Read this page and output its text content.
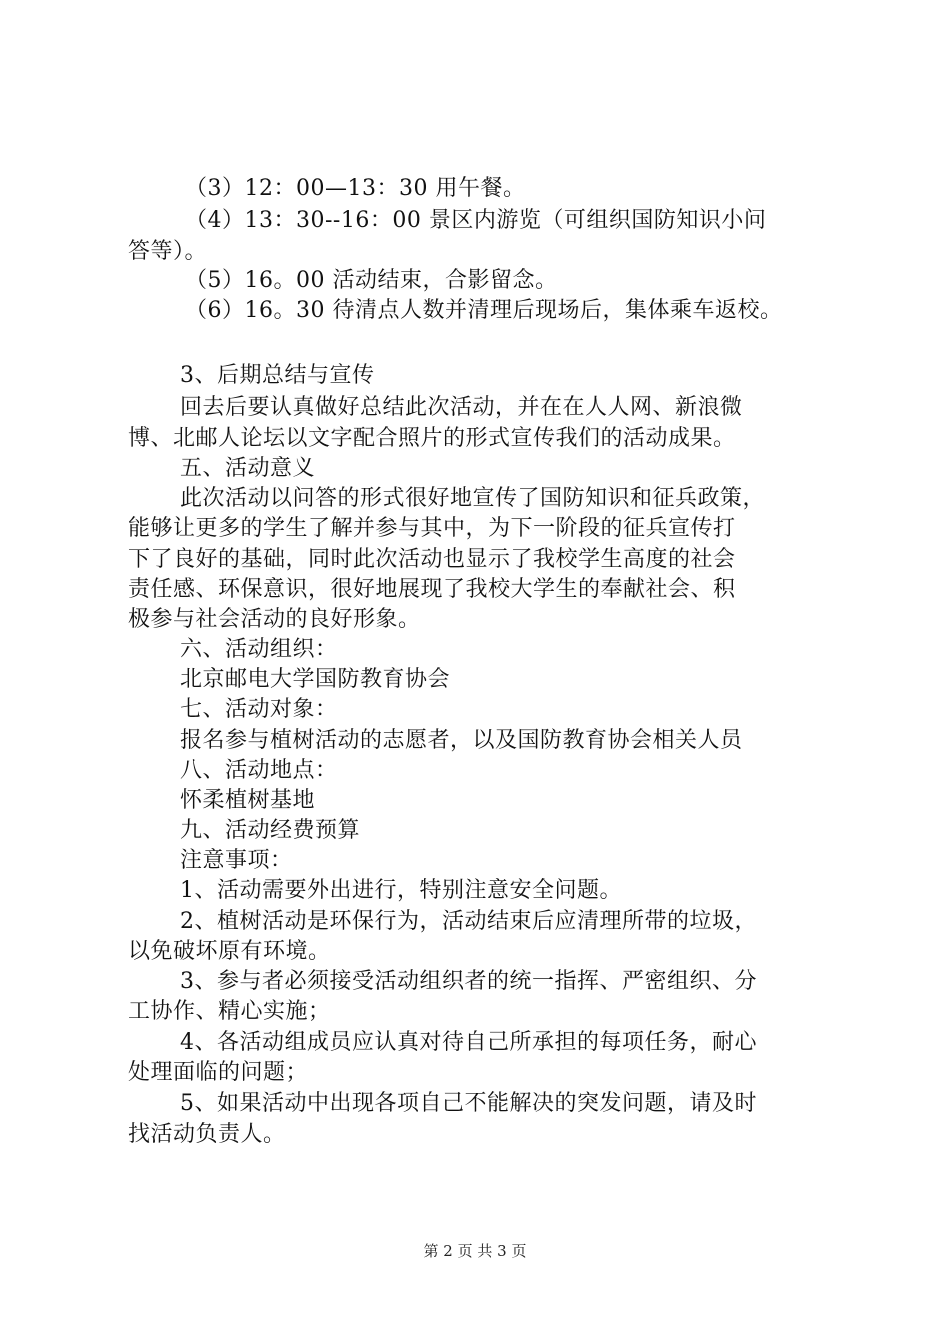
（3）12：00—13：30 用午餐。
（4）13：30--16：00 景区内游览（可组织国防知识小问
答等）。
（5）16。00 活动结束，合影留念。
（6）16。30 待清点人数并清理后现场后，集体乘车返校。
3、后期总结与宣传
回去后要认真做好总结此次活动，并在在人人网、新浪微
博、北邮人论坛以文字配合照片的形式宣传我们的活动成果。
五、活动意义
此次活动以问答的形式很好地宣传了国防知识和征兵政策，
能够让更多的学生了解并参与其中，为下一阶段的征兵宣传打
下了良好的基础，同时此次活动也显示了我校学生高度的社会
责任感、环保意识，很好地展现了我校大学生的奉献社会、积
极参与社会活动的良好形象。
六、活动组织：
北京邮电大学国防教育协会
七、活动对象：
报名参与植树活动的志愿者，以及国防教育协会相关人员
八、活动地点：
怀柔植树基地
九、活动经费预算
注意事项：
1、活动需要外出进行，特别注意安全问题。
2、植树活动是环保行为，活动结束后应清理所带的垃圾，
以免破坏原有环境。
3、参与者必须接受活动组织者的统一指挥、严密组织、分
工协作、精心实施；
4、各活动组成员应认真对待自己所承担的每项任务，耐心
处理面临的问题；
5、如果活动中出现各项自己不能解决的突发问题，请及时
找活动负责人。
第 2 页 共 3 页
